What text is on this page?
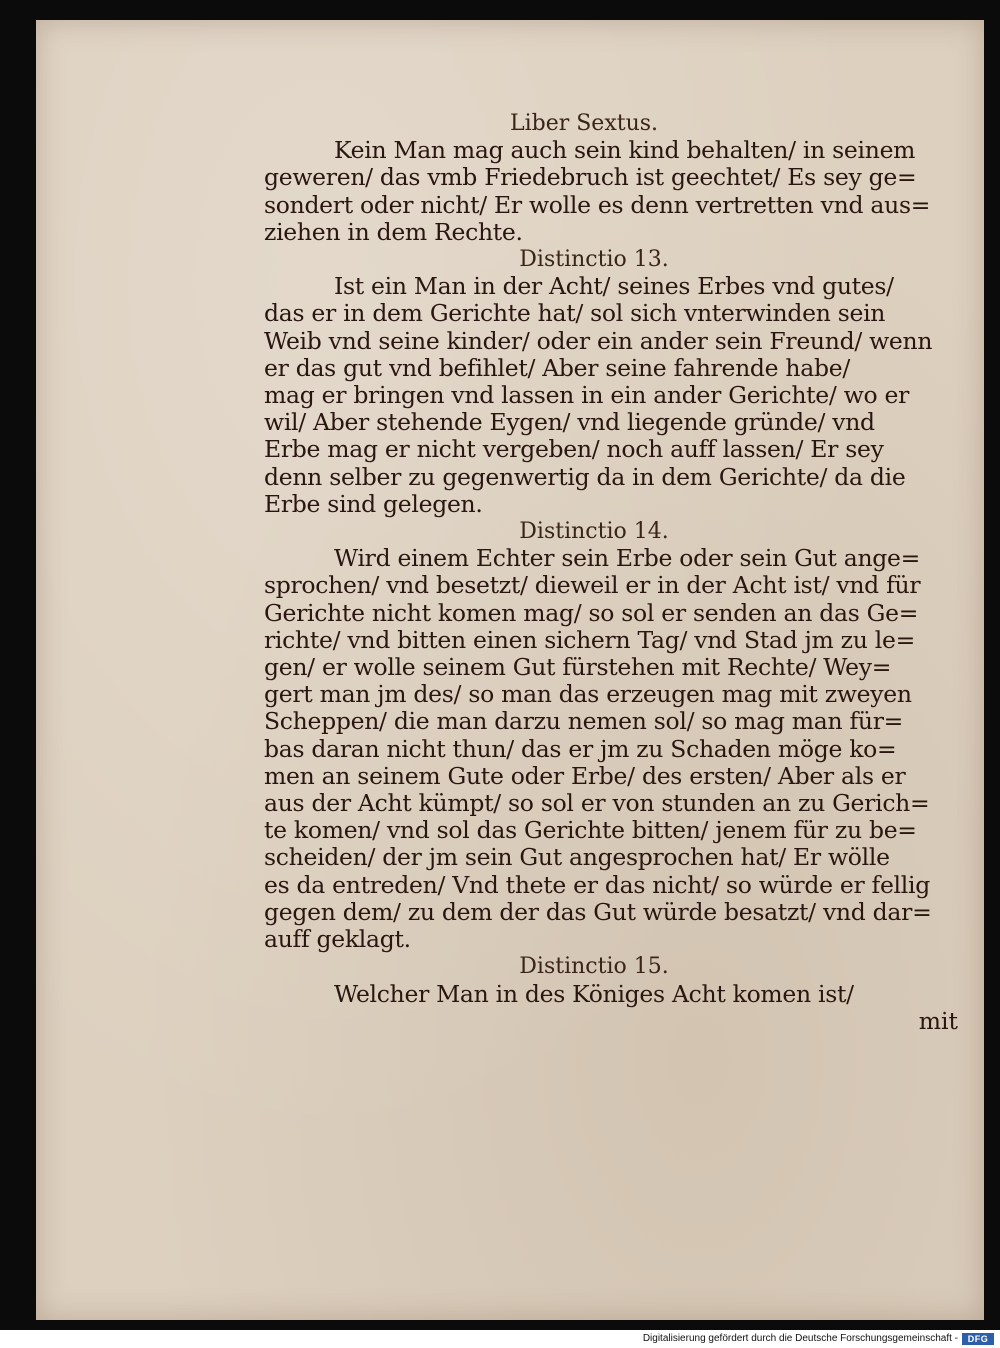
Liber Sextus.
Kein Man mag auch sein kind behalten/ in seinem
geweren/ das vmb Friedebruch ist geechtet/ Es sey ge=
sondert oder nicht/ Er wolle es denn vertretten vnd aus=
ziehen in dem Rechte.
Distinctio 13.
Ist ein Man in der Acht/ seines Erbes vnd gutes/
das er in dem Gerichte hat/ sol sich vnterwinden sein
Weib vnd seine kinder/ oder ein ander sein Freund/ wenn
er das gut vnd befihlet/ Aber seine fahrende habe/
mag er bringen vnd lassen in ein ander Gerichte/ wo er
wil/ Aber stehende Eygen/ vnd liegende gründe/ vnd
Erbe mag er nicht vergeben/ noch auff lassen/ Er sey
denn selber zu gegenwertig da in dem Gerichte/ da die
Erbe sind gelegen.
Distinctio 14.
Wird einem Echter sein Erbe oder sein Gut ange=
sprochen/ vnd besetzt/ dieweil er in der Acht ist/ vnd für
Gerichte nicht komen mag/ so sol er senden an das Ge=
richte/ vnd bitten einen sichern Tag/ vnd Stad jm zu le=
gen/ er wolle seinem Gut fürstehen mit Rechte/ Wey=
gert man jm des/ so man das erzeugen mag mit zweyen
Scheppen/ die man darzu nemen sol/ so mag man für=
bas daran nicht thun/ das er jm zu Schaden möge ko=
men an seinem Gute oder Erbe/ des ersten/ Aber als er
aus der Acht kümpt/ so sol er von stunden an zu Gerich=
te komen/ vnd sol das Gerichte bitten/ jenem für zu be=
scheiden/ der jm sein Gut angesprochen hat/ Er wölle
es da entreden/ Vnd thete er das nicht/ so würde er fellig
gegen dem/ zu dem der das Gut würde besatzt/ vnd dar=
auff geklagt.
Distinctio 15.
Welcher Man in des Königes Acht komen ist/
mit
Digitalisierung gefördert durch die Deutsche Forschungsgemeinschaft -	DFG
